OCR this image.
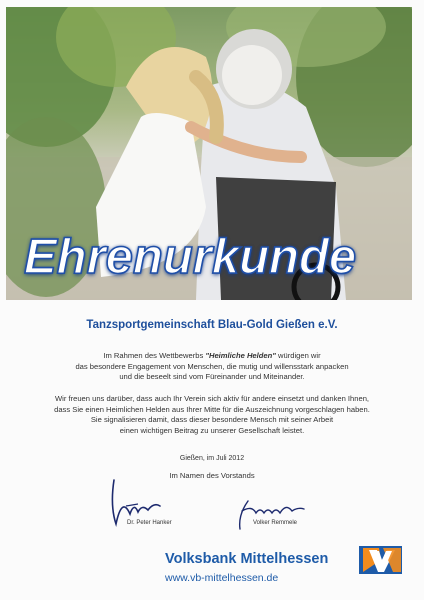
Ehrenurkunde
Tanzsportgemeinschaft Blau-Gold Gießen e.V.
Im Rahmen des Wettbewerbs "Heimliche Helden" würdigen wir
das besondere Engagement von Menschen, die mutig und willensstark anpacken
und die beseelt sind vom Füreinander und Miteinander.
Wir freuen uns darüber, dass auch Ihr Verein sich aktiv für andere einsetzt und danken Ihnen,
dass Sie einen Heimlichen Helden aus Ihrer Mitte für die Auszeichnung vorgeschlagen haben.
Sie signalisieren damit, dass dieser besondere Mensch mit seiner Arbeit
einen wichtigen Beitrag zu unserer Gesellschaft leistet.
Gießen, im Juli 2012
Im Namen des Vorstands
Dr. Peter Hanker	Volker Remmele
Volksbank Mittelhessen
www.vb-mittelhessen.de
